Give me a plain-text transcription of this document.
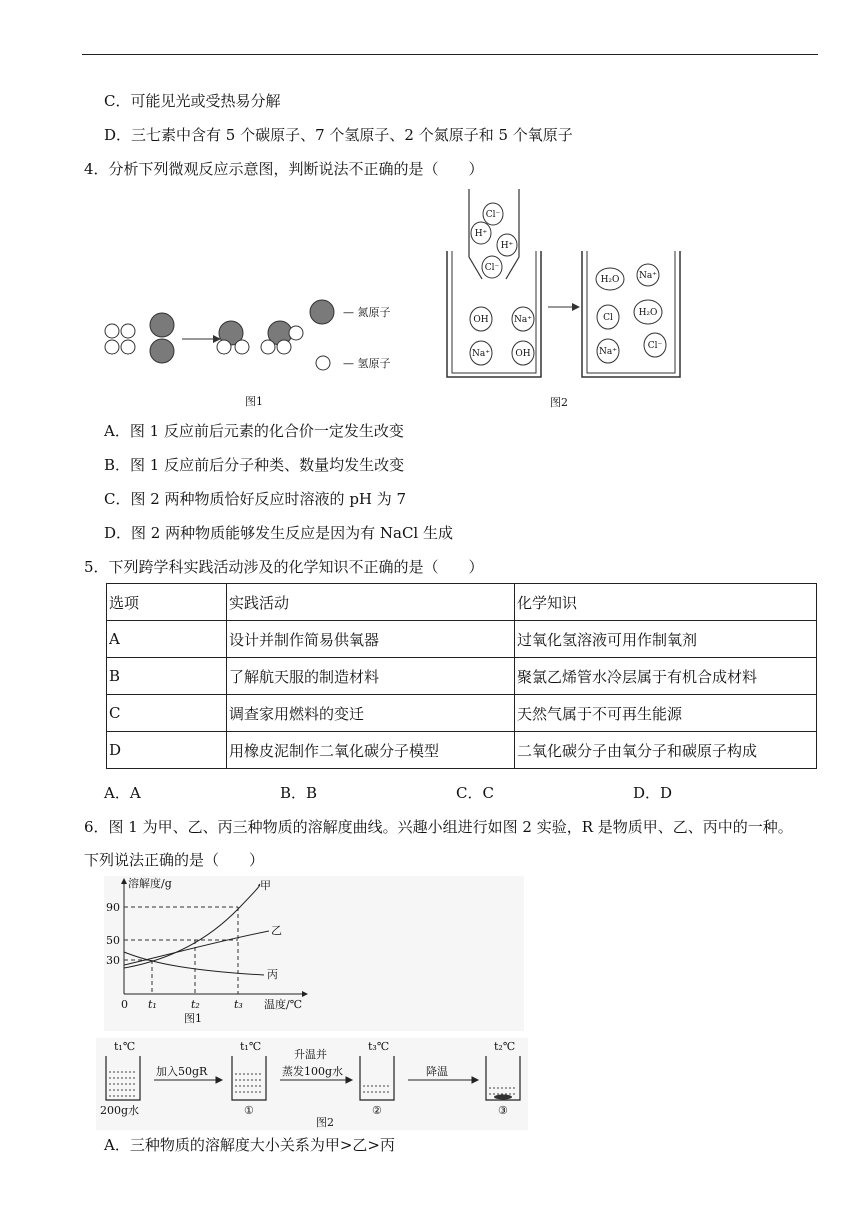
C．可能见光或受热易分解
D．三七素中含有 5 个碳原子、7 个氢原子、2 个氮原子和 5 个氧原子
4．分析下列微观反应示意图，判断说法不正确的是（　　）
— 氮原子
— 氢原子
图1
Cl⁻
H⁺
H⁺
Cl⁻
OH	Na⁺
Na⁺	OH
H₂O Na⁺
Cl	H₂O
Na⁺
Cl⁻
图2
A．图 1 反应前后元素的化合价一定发生改变
B．图 1 反应前后分子种类、数量均发生改变
C．图 2 两种物质恰好反应时溶液的 pH 为 7
D．图 2 两种物质能够发生反应是因为有 NaCl 生成
5．下列跨学科实践活动涉及的化学知识不正确的是（　　）
选项	实践活动	化学知识
A	设计并制作简易供氧器	过氧化氢溶液可用作制氧剂
B	了解航天服的制造材料	聚氯乙烯管水冷层属于有机合成材料
C	调查家用燃料的变迁	天然气属于不可再生能源
D	用橡皮泥制作二氧化碳分子模型	二氧化碳分子由氧分子和碳原子构成
A．A	B．B	C．C	D．D
6．图 1 为甲、乙、丙三种物质的溶解度曲线。兴趣小组进行如图 2 实验，R 是物质甲、乙、丙中的一种。
下列说法正确的是（　　）
溶解度/g
90
50
30
0 t₁	t₂	t₃ 温度/℃
甲
乙
丙
图1
t₁℃
200g水
加入50gR
t₁℃
①
升温并
蒸发100g水
t₃℃
②
降温
t₂℃
③
图2
A．三种物质的溶解度大小关系为甲>乙>丙
